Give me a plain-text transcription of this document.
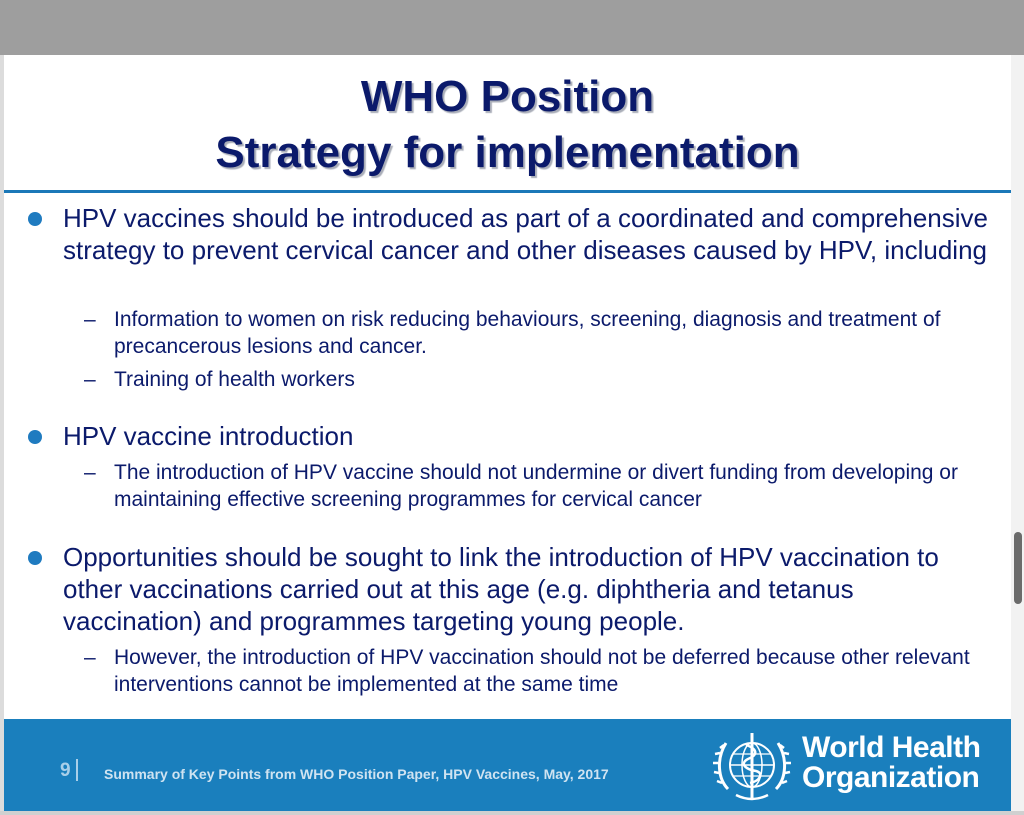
WHO Position
Strategy for implementation
HPV vaccines should be introduced as part of a coordinated and comprehensive strategy to prevent cervical cancer and other diseases caused by HPV, including
– Information to women on risk reducing behaviours, screening, diagnosis and treatment of precancerous lesions and cancer.
– Training of health workers
HPV vaccine introduction
– The introduction of HPV vaccine should not undermine or divert funding from developing or maintaining effective screening programmes for cervical cancer
Opportunities should be sought to link the introduction of HPV vaccination to other vaccinations carried out at this age (e.g. diphtheria and tetanus vaccination) and programmes targeting young people.
– However, the introduction of HPV vaccination should not be deferred because other relevant interventions cannot be implemented at the same time
9 Summary of Key Points from WHO Position Paper, HPV Vaccines, May, 2017
World Health
Organization
